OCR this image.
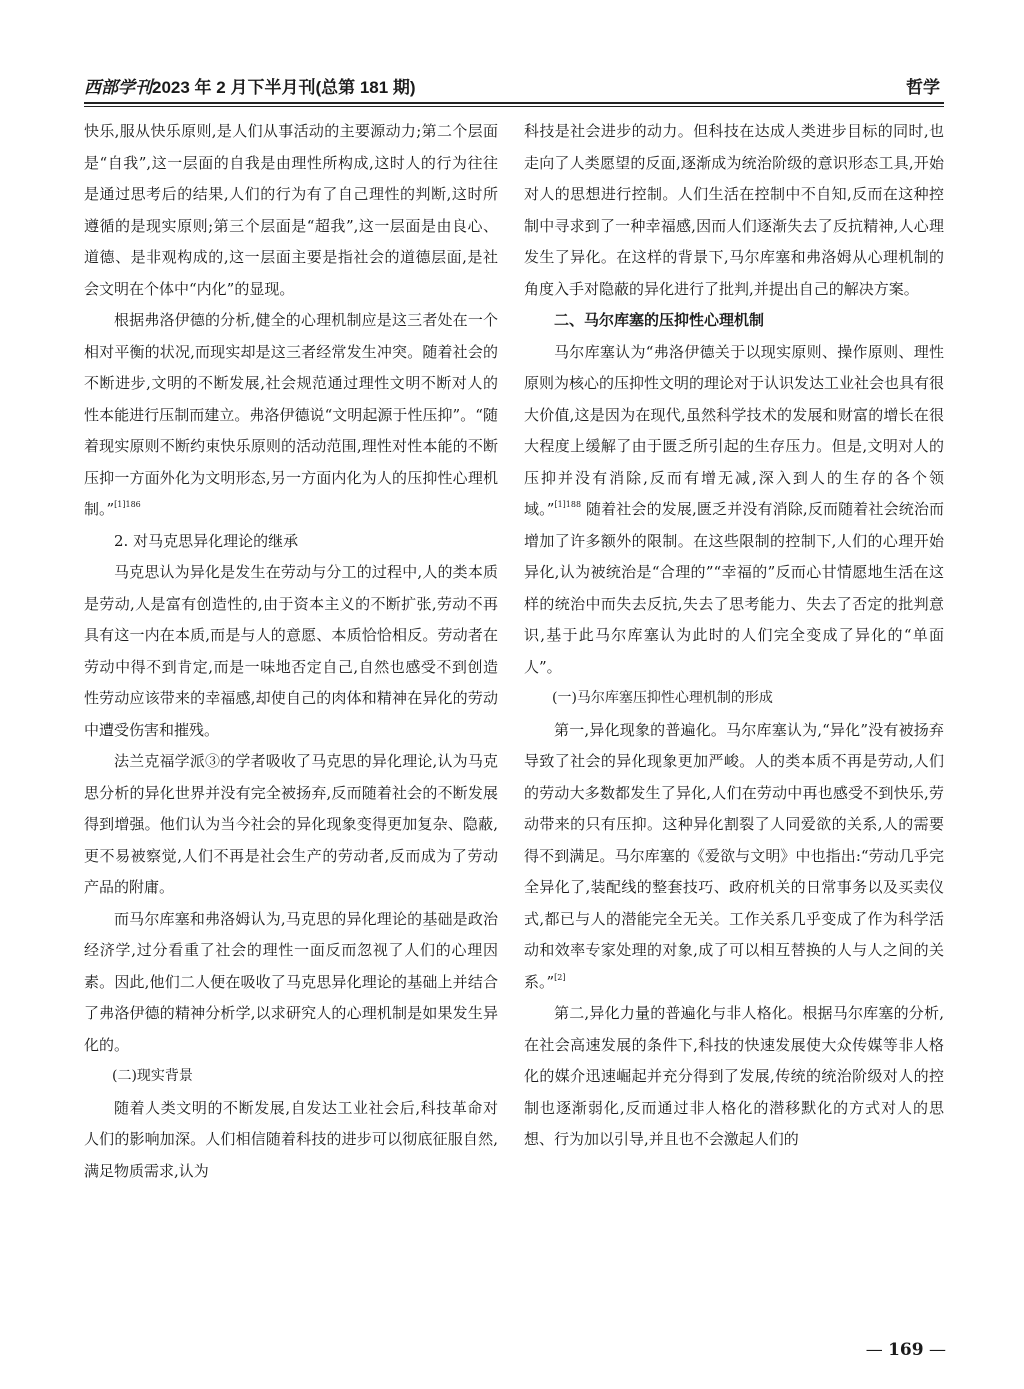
西部学刊2023 年 2 月下半月刊(总第 181 期)	哲学

快乐,服从快乐原则,是人们从事活动的主要源动力;第二个层面是“自我”,这一层面的自我是由理性所构成,这时人的行为往往是通过思考后的结果,人们的行为有了自己理性的判断,这时所遵循的是现实原则;第三个层面是“超我”,这一层面是由良心、道德、是非观构成的,这一层面主要是指社会的道德层面,是社会文明在个体中“内化”的显现。

根据弗洛伊德的分析,健全的心理机制应是这三者处在一个相对平衡的状况,而现实却是这三者经常发生冲突。随着社会的不断进步,文明的不断发展,社会规范通过理性文明不断对人的性本能进行压制而建立。弗洛伊德说“文明起源于性压抑”。“随着现实原则不断约束快乐原则的活动范围,理性对性本能的不断压抑一方面外化为文明形态,另一方面内化为人的压抑性心理机制。”$^{[1]186}$

2. 对马克思异化理论的继承

马克思认为异化是发生在劳动与分工的过程中,人的类本质是劳动,人是富有创造性的,由于资本主义的不断扩张,劳动不再具有这一内在本质,而是与人的意愿、本质恰恰相反。劳动者在劳动中得不到肯定,而是一味地否定自己,自然也感受不到创造性劳动应该带来的幸福感,却使自己的肉体和精神在异化的劳动中遭受伤害和摧残。

法兰克福学派③的学者吸收了马克思的异化理论,认为马克思分析的异化世界并没有完全被扬弃,反而随着社会的不断发展得到增强。他们认为当今社会的异化现象变得更加复杂、隐蔽,更不易被察觉,人们不再是社会生产的劳动者,反而成为了劳动产品的附庸。

而马尔库塞和弗洛姆认为,马克思的异化理论的基础是政治经济学,过分看重了社会的理性一面反而忽视了人们的心理因素。因此,他们二人便在吸收了马克思异化理论的基础上并结合了弗洛伊德的精神分析学,以求研究人的心理机制是如果发生异化的。

(二)现实背景

随着人类文明的不断发展,自发达工业社会后,科技革命对人们的影响加深。人们相信随着科技的进步可以彻底征服自然,满足物质需求,认为

科技是社会进步的动力。但科技在达成人类进步目标的同时,也走向了人类愿望的反面,逐渐成为统治阶级的意识形态工具,开始对人的思想进行控制。人们生活在控制中不自知,反而在这种控制中寻求到了一种幸福感,因而人们逐渐失去了反抗精神,人心理发生了异化。在这样的背景下,马尔库塞和弗洛姆从心理机制的角度入手对隐蔽的异化进行了批判,并提出自己的解决方案。

二、马尔库塞的压抑性心理机制

马尔库塞认为“弗洛伊德关于以现实原则、操作原则、理性原则为核心的压抑性文明的理论对于认识发达工业社会也具有很大价值,这是因为在现代,虽然科学技术的发展和财富的增长在很大程度上缓解了由于匮乏所引起的生存压力。但是,文明对人的压抑并没有消除,反而有增无减,深入到人的生存的各个领域。”$^{[1]188}$ 随着社会的发展,匮乏并没有消除,反而随着社会统治而增加了许多额外的限制。在这些限制的控制下,人们的心理开始异化,认为被统治是“合理的”“幸福的”反而心甘情愿地生活在这样的统治中而失去反抗,失去了思考能力、失去了否定的批判意识,基于此马尔库塞认为此时的人们完全变成了异化的“单面人”。

(一)马尔库塞压抑性心理机制的形成

第一,异化现象的普遍化。马尔库塞认为,“异化”没有被扬弃导致了社会的异化现象更加严峻。人的类本质不再是劳动,人们的劳动大多数都发生了异化,人们在劳动中再也感受不到快乐,劳动带来的只有压抑。这种异化割裂了人同爱欲的关系,人的需要得不到满足。马尔库塞的《爱欲与文明》中也指出:“劳动几乎完全异化了,装配线的整套技巧、政府机关的日常事务以及买卖仪式,都已与人的潜能完全无关。工作关系几乎变成了作为科学活动和效率专家处理的对象,成了可以相互替换的人与人之间的关系。”[2]

第二,异化力量的普遍化与非人格化。根据马尔库塞的分析,在社会高速发展的条件下,科技的快速发展使大众传媒等非人格化的媒介迅速崛起并充分得到了发展,传统的统治阶级对人的控制也逐渐弱化,反而通过非人格化的潜移默化的方式对人的思想、行为加以引导,并且也不会激起人们的

— 169 —
